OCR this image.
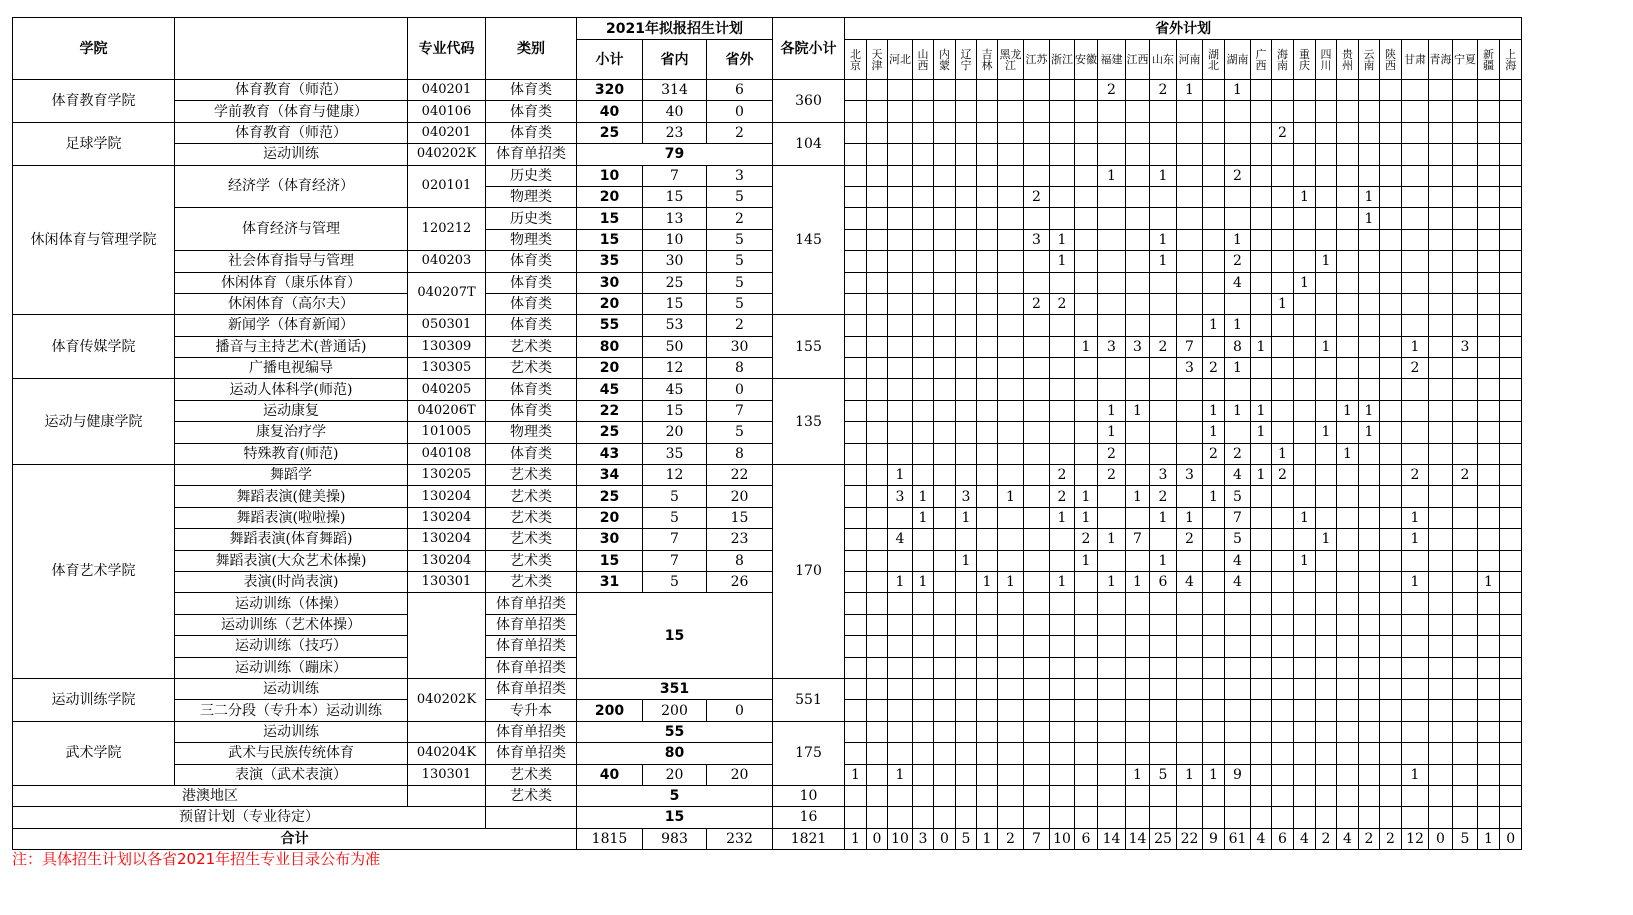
学院		专业代码	类别	2021年拟报招生计划			各院小计	省外计划																												
				小计	省内	省外		北京	天津	河北	山西	内蒙	辽宁	吉林	黑龙江	江苏	浙江	安徽	福建	江西	山东	河南	湖北	湖南	广西	海南	重庆	四川	贵州	云南	陕西	甘肃	青海	宁夏	新疆	上海
体育教育学院	体育教育（师范）	040201	体育类	320	314	6	360												2		2	1		1												
	学前教育（体育与健康）	040106	体育类	40	40	0																														
足球学院	体育教育（师范）	040201	体育类	25	23	2	104																			2										
	运动训练	040202K	体育单招类	79																																
休闲体育与管理学院	经济学（体育经济）	020101	历史类	10	7	3	145												1		1			2												
			物理类	20	15	5										2											1			1						
	体育经济与管理	120212	历史类	15	13	2																								1						
			物理类	15	10	5										3	1				1			1												
	社会体育指导与管理	040203	体育类	35	30	5											1				1			2				1								
	休闲体育（康乐体育）	040207T	体育类	30	25	5																		4			1									
	休闲体育（高尔夫）		体育类	20	15	5										2	2									1										
体育传媒学院	新闻学（体育新闻）	050301	体育类	55	53	2	155																1	1												
	播音与主持艺术(普通话)	130309	艺术类	80	50	30												1	3	3	2	7		8	1			1				1		3		
	广播电视编导	130305	艺术类	20	12	8																3	2	1								2				
运动与健康学院	运动人体科学(师范)	040205	体育类	45	45	0	135																													
	运动康复	040206T	体育类	22	15	7													1	1			1	1	1				1	1						
	康复治疗学	101005	物理类	25	20	5													1				1		1			1		1						
	特殊教育(师范)	040108	体育类	43	35	8													2				2	2		1			1							
体育艺术学院	舞蹈学	130205	艺术类	34	12	22	170			1							2		2		3	3		4	1	2						2		2		
	舞蹈表演(健美操)	130204	艺术类	25	5	20				3	1		3		1		2	1		1	2		1	5												
	舞蹈表演(啦啦操)	130204	艺术类	20	5	15					1		1				1	1			1	1		7			1					1				
	舞蹈表演(体育舞蹈)	130204	艺术类	30	7	23				4								2	1	7		2		5				1				1				
	舞蹈表演(大众艺术体操)	130204	艺术类	15	7	8							1					1			1			4			1									
	表演(时尚表演)	130301	艺术类	31	5	26				1	1			1	1		1		1	1	6	4		4								1			1	
	运动训练（体操）		体育单招类	15																																
	运动训练（艺术体操）		体育单招类																																	
	运动训练（技巧）		体育单招类																																	
	运动训练（蹦床）		体育单招类																																	
运动训练学院	运动训练	040202K	体育单招类	351			551																													
	三二分段（专升本）运动训练		专升本	200	200	0																														
武术学院	运动训练		体育单招类	55			175																													
	武术与民族传统体育	040204K	体育单招类	80																																
	表演（武术表演）	130301	艺术类	40	20	20		1		1										1	5	1	1	9								1				
港澳地区			艺术类	5			10																													
预留计划（专业待定）				15			16																													
合计				1815	983	232	1821	1	0	10	3	0	5	1	2	7	10	6	14	14	25	22	9	61	4	6	4	2	4	2	2	12	0	5	1	0
注：具体招生计划以各省2021年招生专业目录公布为准
